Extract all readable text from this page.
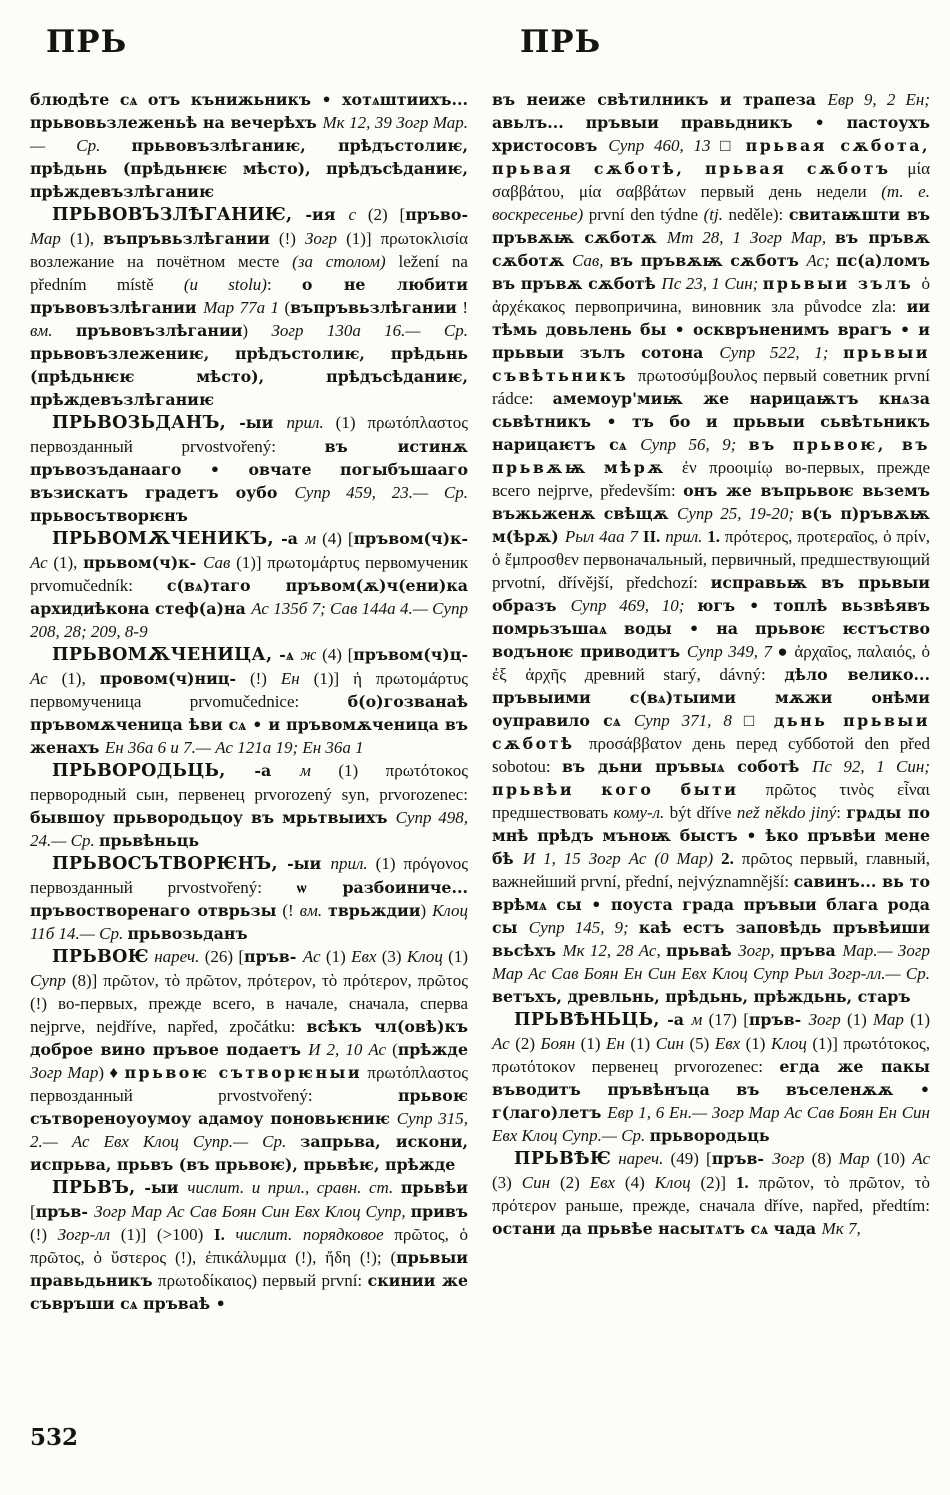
ПРЬ

блюдѣте сѧ отъ кънижьникъ • хотѧштиихъ... прьвовьзлеженьѣ на вечерѣхъ Мк 12, 39 Зогр Мар.— Ср. прьвовъзлѣганиѥ, прѣдъстолиѥ, прѣдьнь (прѣдьнѥѥ мѣсто), прѣдъсѣданиѥ, прѣждевъзлѣганиѥ

ПРЬВОВЪЗЛѢГАНИѤ, -ия с (2) [пръво- Мар (1), въпръвьзлѣгании (!) Зогр (1)] πρωτοκλισία возлежание на почётном месте (за столом) ležení na předním místě (u stolu): о не любити пръвовъзлѣгании Мар 77а 1 (въпръвьзлѣгании ! вм. пръвовъзлѣгании) Зогр 130а 16.— Ср. прьвовъзлежениѥ, прѣдъстолиѥ, прѣдьнь (прѣдьнѥѥ мѣсто), прѣдъсѣданиѥ, прѣждевъзлѣганиѥ

ПРЬВОЗЬДАНЪ, -ыи прил. (1) πρωτόπλαστος первозданный prvostvořený: въ истинѫ пръвозъданааго • овчате погыбъшааго възискатъ градетъ оубо Супр 459, 23.— Ср. прьвосътворѥнъ

ПРЬВОМѪЧЕНИКЪ, -а м (4) [пръвом(ч)к- Ас (1), прьвом(ч)к- Сав (1)] πρωτομάρτυς первомученик prvomučedník: с(вѧ)таго пръвом(ѫ)ч(ени)ка архидиѣкона стеф(а)на Ас 135б 7; Сав 144а 4.— Супр 208, 28; 209, 8-9

ПРЬВОМѪЧЕНИЦА, -ѧ ж (4) [пръвом(ч)ц- Ас (1), провом(ч)ниц- (!) Ен (1)] ἡ πρωτομάρτυς первомученица prvomučednice: б(о)гозванаѣ пръвомѫченица ѣви сѧ • и пръвомѫченица въ женахъ Ен 36а 6 и 7.— Ас 121а 19; Ен 36а 1

ПРЬВОРОДЬЦЬ, -а м (1) πρωτότοκος первородный сын, первенец prvorozený syn, prvorozenec: бывшоу прьвородьцоу въ мрьтвыихъ Супр 498, 24.— Ср. прьвѣньць

ПРЬВОСЪТВОРѤНЪ, -ыи прил. (1) πρόγονος первозданный prvostvořený: ѡ разбоиниче... пръвостворенаго отврьзы (! вм. тврьждии) Клоц 11б 14.— Ср. прьвозьданъ

ПРЬВОѤ нареч. (26) [пръв- Ас (1) Евх (3) Клоц (1) Супр (8)] πρῶτον, τὸ πρῶτον, πρότερον, τὸ πρότερον, πρῶτος (!) во-первых, прежде всего, в начале, сначала, сперва nejprve, nejdříve, napřed, zpočátku: всѣкъ чл(овѣ)къ доброе вино пръвое подаетъ И 2, 10 Ас (прѣжде Зогр Мар) ♦ прьвоѥ сътворѥныи πρωτόπλαστος первозданный prvostvořený: прьвоѥ сътвореноуоумоу адамоу поновьѥниѥ Супр 315, 2.— Ас Евх Клоц Супр.— Ср. запрьва, искони, испрьва, прьвъ (въ прьвоѥ), прьвѣѥ, прѣжде

ПРЬВЪ, -ыи числит. и прил., сравн. ст. прьвѣи [пръв- Зогр Мар Ас Сав Боян Син Евх Клоц Супр, привъ (!) Зогр-лл (1)] (>100) I. числит. порядковое πρῶτος, ὁ πρῶτος, ὁ ὕστερος (!), ἐπικάλυμμα (!), ἤδη (!); (прьвыи правьдьникъ πρωτοδίκαιος) первый první: скинии же съвръши сѧ пръваѣ •

ПРЬ

въ неиже свѣтилникъ и трапеза Евр 9, 2 Ен; авьлъ... пръвыи правьдникъ • пастоухъ христосовъ Супр 460, 13 □ прьвая сѫбота, прьвая сѫботѣ, прьвая сѫботъ μία σαββάτου, μία σαββάτων первый день недели (т. е. воскресенье) první den týdne (tj. neděle): свитаѭшти въ пръвѫѭ сѫботѫ Мт 28, 1 Зогр Мар, въ пръвѫ сѫботѫ Сав, въ пръвѫѭ сѫботъ Ас; пс(а)ломъ въ пръвѫ сѫботѣ Пс 23, 1 Син; прьвыи зълъ ὁ ἀρχέκακος первопричина, виновник зла původce zla: ии тѣмь довьлень бы • осквръненимъ врагъ • и прьвыи зълъ сотона Супр 522, 1; прьвыи съвѣтьникъ πρωτοσύμβουλος первый советник první rádce: амемоур'миѭ же нарицаѭтъ кнѧза сьвѣтникъ • тъ бо и прьвыи сьвѣтьникъ нарицаѥтъ сѧ Супр 56, 9; въ прьвоѥ, въ прьвѫѭ мѣрѫ ἐν προοιμίῳ во-первых, прежде всего nejprve, především: онъ же въпрьвоѥ вьземъ въжьженѫ свѣщѫ Супр 25, 19-20; в(ъ п)ръвѫѭ м(ѣрѫ) Рыл 4аа 7 II. прил. 1. πρότερος, προτεραῖος, ὁ πρίν, ὁ ἔμπροσθεν первоначальный, первичный, предшествующий prvotní, dřívější, předchozí: исправьѭ въ прьвыи образъ Супр 469, 10; югъ • топлѣ вьзвѣявъ помрьзъшаѧ воды • на прьвоѥ ѥстъство водъноѥ приводитъ Супр 349, 7 ● ἀρχαῖος, παλαιός, ὁ ἐξ ἀρχῆς древний starý, dávný: дѣло велико... пръвыими с(вѧ)тыими мѫжи онѣми оуправило сѧ Супр 371, 8 □ дьнь прьвыи сѫботѣ προσάββατον день перед субботой den před sobotou: въ дьни пръвыѧ соботѣ Пс 92, 1 Син; прьвѣи кого быти πρῶτος τινὸς εἶναι предшествовать кому-л. být dříve než někdo jiný: грѧды по мнѣ прѣдъ мъноѭ быстъ • ѣко пръвѣи мене бѣ И 1, 15 Зогр Ас (0 Мар) 2. πρῶτος первый, главный, важнейший první, přední, nejvýznamnější: савинъ... вь то врѣмѧ сы • поуста града пръвыи блага рода сы Супр 145, 9; каѣ естъ заповѣдь пръвѣиши вьсѣхъ Мк 12, 28 Ас, прьваѣ Зогр, пръва Мар.— Зогр Мар Ас Сав Боян Ен Син Евх Клоц Супр Рыл Зогр-лл.— Ср. ветъхъ, древльнь, прѣдьнь, прѣждьнь, старъ

ПРЬВѢНЬЦЬ, -а м (17) [пръв- Зогр (1) Мар (1) Ас (2) Боян (1) Ен (1) Син (5) Евх (1) Клоц (1)] πρωτότοκος, πρωτότοκον первенец prvorozenec: егда же пакы въводитъ пръвѣнъца въ въселенѫѫ • г(лаго)летъ Евр 1, 6 Ен.— Зогр Мар Ас Сав Боян Ен Син Евх Клоц Супр.— Ср. прьвородьць

ПРЬВѢѤ нареч. (49) [пръв- Зогр (8) Мар (10) Ас (3) Син (2) Евх (4) Клоц (2)] 1. πρῶτον, τὸ πρῶτον, τὸ πρότερον раньше, прежде, сначала dříve, napřed, předtím: остани да прьвѣе насытѧтъ сѧ чада Мк 7,

532
